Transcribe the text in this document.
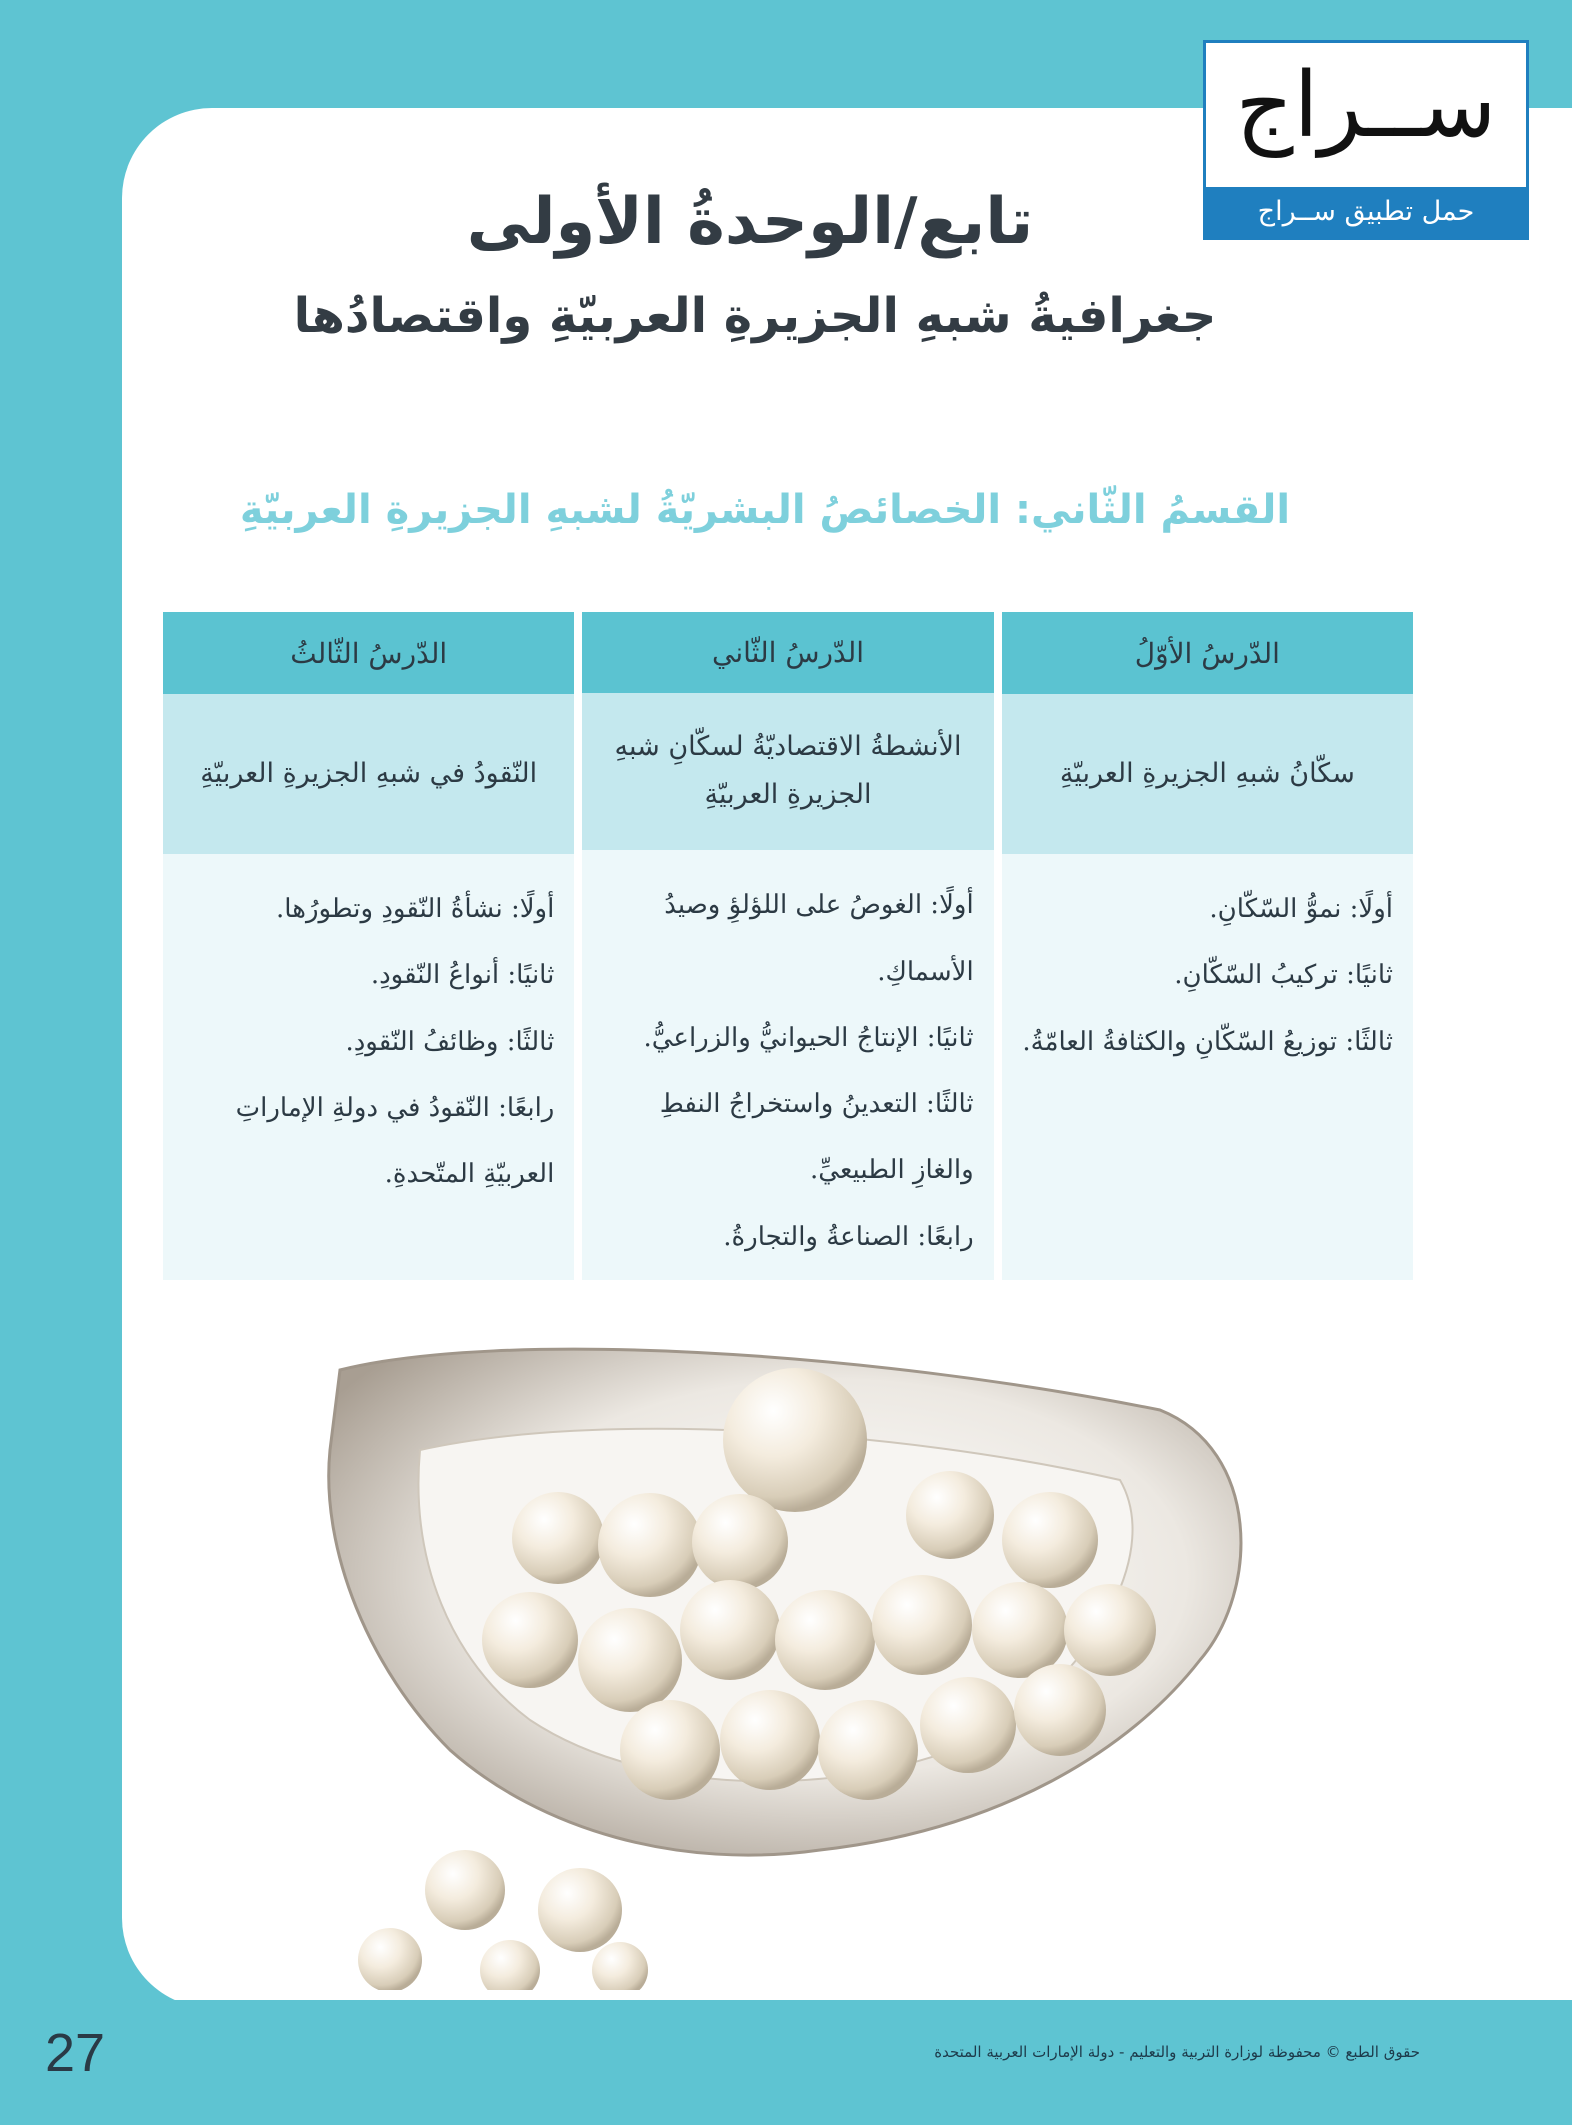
ســراج
حمل تطبيق ســراج
تابع/الوحدةُ الأولى
جغرافيةُ شبهِ الجزيرةِ العربيّةِ واقتصادُها
القسمُ الثّاني: الخصائصُ البشريّةُ لشبهِ الجزيرةِ العربيّةِ
الدّرسُ الأوّلُ
سكّانُ شبهِ الجزيرةِ العربيّةِ
أولًا: نموُّ السّكّانِ.
ثانيًا: تركيبُ السّكّانِ.
ثالثًا: توزيعُ السّكّانِ والكثافةُ العامّةُ.
الدّرسُ الثّاني
الأنشطةُ الاقتصاديّةُ لسكّانِ شبهِ الجزيرةِ العربيّةِ
أولًا: الغوصُ على اللؤلؤِ وصيدُ الأسماكِ.
ثانيًا: الإنتاجُ الحيوانيُّ والزراعيُّ.
ثالثًا: التعدينُ واستخراجُ النفطِ والغازِ الطبيعيِّ.
رابعًا: الصناعةُ والتجارةُ.
الدّرسُ الثّالثُ
النّقودُ في شبهِ الجزيرةِ العربيّةِ
أولًا: نشأةُ النّقودِ وتطورُها.
ثانيًا: أنواعُ النّقودِ.
ثالثًا: وظائفُ النّقودِ.
رابعًا: النّقودُ في دولةِ الإماراتِ العربيّةِ المتّحدةِ.
27	حقوق الطبع © محفوظة لوزارة التربية والتعليم - دولة الإمارات العربية المتحدة
